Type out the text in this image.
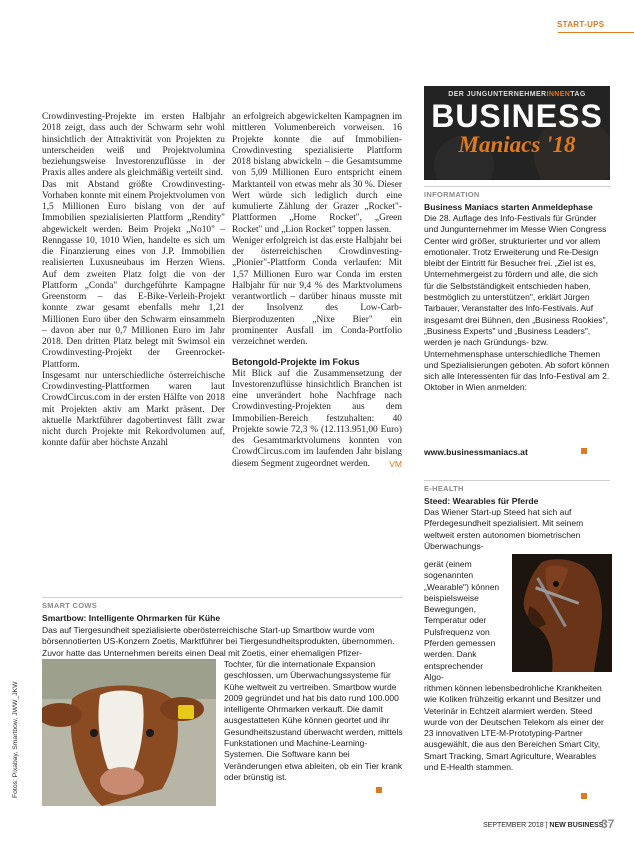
START-UPS

Crowdinvesting-Projekte im ersten Halbjahr 2018 zeigt, dass auch der Schwarm sehr wohl hinsichtlich der Attraktivität von Projekten zu unterscheiden weiß und Projektvolumina beziehungsweise Investorenzuflüsse in der Praxis alles andere als gleichmäßig verteilt sind.

Das mit Abstand größte Crowdinvesting-Vorhaben konnte mit einem Projektvolumen von 1,5 Millionen Euro bislang von der auf Immobilien spezialisierten Plattform „Rendity" abgewickelt werden. Beim Projekt „No10" – Renngasse 10, 1010 Wien, handelte es sich um die Finanzierung eines von J.P. Immobilien realisierten Luxusneubaus im Herzen Wiens. Auf dem zweiten Platz folgt die von der Plattform „Conda" durchgeführte Kampagne Greenstorm – das E-Bike-Verleih-Projekt konnte zwar gesamt ebenfalls mehr 1,21 Millionen Euro über den Schwarm einsammeln – davon aber nur 0,7 Millionen Euro im Jahr 2018. Den dritten Platz belegt mit Swimsol ein Crowdinvesting-Projekt der Greenrocket-Plattform.

Insgesamt nur unterschiedliche österreichische Crowdinvesting-Plattformen waren laut CrowdCircus.com in der ersten Hälfte von 2018 mit Projekten aktiv am Markt präsent. Der aktuelle Marktführer dagobertinvest fällt zwar nicht durch Projekte mit Rekordvolumen auf, konnte dafür aber höchste Anzahl

an erfolgreich abgewickelten Kampagnen im mittleren Volumenbereich vorweisen. 16 Projekte konnte die auf Immobilien-Crowdinvesting spezialisierte Plattform 2018 bislang abwickeln – die Gesamtsumme von 5,09 Millionen Euro entspricht einem Marktanteil von etwas mehr als 30 %. Dieser Wert würde sich lediglich durch eine kumulierte Zählung der Grazer „Rocket"-Plattformen „Home Rocket", „Green Rocket" und „Lion Rocket" toppen lassen.

Weniger erfolgreich ist das erste Halbjahr bei der österreichischen Crowdinvesting-„Pionier"-Plattform Conda verlaufen: Mit 1,57 Millionen Euro war Conda im ersten Halbjahr für nur 9,4 % des Marktvolumens verantwortlich – darüber hinaus musste mit der Insolvenz des Low-Carb-Bierproduzenten „Nixe Bier" ein prominenter Ausfall im Conda-Portfolio verzeichnet werden.

Betongold-Projekte im Fokus

Mit Blick auf die Zusammensetzung der Investorenzuflüsse hinsichtlich Branchen ist eine unverändert hohe Nachfrage nach Crowdinvesting-Projekten aus dem Immobilien-Bereich festzuhalten: 40 Projekte sowie 72,3 % (12.113.951,00 Euro) des Gesamtmarktvolumens konnten von CrowdCircus.com im laufenden Jahr bislang diesem Segment zugeordnet werden. VM

DER JUNGUNTERNEHMERINNENTAG
BUSINESS
Maniacs '18
INFORMATION
Business Maniacs starten Anmeldephase

Die 28. Auflage des Info-Festivals für Gründer und Jungunternehmer im Messe Wien Congress Center wird größer, strukturierter und vor allem emotionaler. Trotz Erweiterung und Re-Design bleibt der Eintritt für Besucher frei. „Ziel ist es, Unternehmergeist zu fördern und alle, die sich für die Selbstständigkeit entschieden haben, bestmöglich zu unterstützen", erklärt Jürgen Tarbauer, Veranstalter des Info-Festivals. Auf insgesamt drei Bühnen, den „Business Rookies", „Business Experts" und „Business Leaders", werden je nach Gründungs- bzw. Unternehmensphase unterschiedliche Themen und Spezialisierungen geboten. Ab sofort können sich alle Interessenten für das Info-Festival am 2. Oktober in Wien anmelden:

www.businessmaniacs.at
E-HEALTH
Steed: Wearables für Pferde

Das Wiener Start-up Steed hat sich auf Pferdegesundheit spezialisiert. Mit seinem weltweit ersten autonomen biometrischen Überwachungs-

gerät (einem sogenannten „Wearable") können beispielsweise Bewegungen, Temperatur oder Pulsfrequenz von Pferden gemessen werden. Dank entsprechender Algo-

rithmen können lebensbedrohliche Krankheiten wie Koliken frühzeitig erkannt und Besitzer und Veterinär in Echtzeit alarmiert werden. Steed wurde von der Deutschen Telekom als einer der 23 innovativen LTE-M-Prototyping-Partner ausgewählt, die aus den Bereichen Smart City, Smart Tracking, Smart Agriculture, Wearables und E-Health stammen.

SMART COWS
Smartbow: Intelligente Ohrmarken für Kühe

Das auf Tiergesundheit spezialisierte oberösterreichische Start-up Smartbow wurde vom börsennotierten US-Konzern Zoetis, Marktführer bei Tiergesundheitsprodukten, übernommen. Zuvor hatte das Unternehmen bereits einen Deal mit Zoetis, einer ehemaligen Pfizer-

Tochter, für die internationale Expansion geschlossen, um Überwachungssysteme für Kühe weltweit zu vertreiben. Smartbow wurde 2009 gegründet und hat bis dato rund 100.000 intelligente Ohrmarken verkauft. Die damit ausgestatteten Kühe können geortet und ihr Gesundheitszustand überwacht werden, mittels Funkstationen und Machine-Learning-Systemen. Die Software kann bei Veränderungen etwa ableiten, ob ein Tier krank oder brünstig ist.

Fotos: Pixabay, Smartbow, JWW_JKW
SEPTEMBER 2018 | NEW BUSINESS
37
